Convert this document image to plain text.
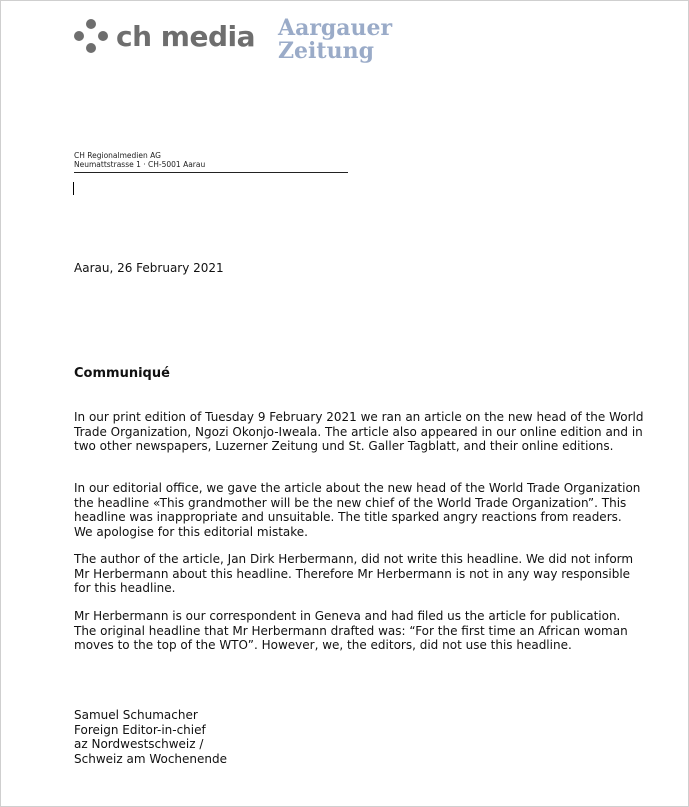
ch media Aargauer
Zeitung
CH Regionalmedien AG
Neumattstrasse 1 · CH-5001 Aarau
Aarau, 26 February 2021
Communiqué
In our print edition of Tuesday 9 February 2021 we ran an article on the new head of the World Trade Organization, Ngozi Okonjo-Iweala. The article also appeared in our online edition and in two other newspapers, Luzerner Zeitung und St. Galler Tagblatt, and their online editions.
In our editorial office, we gave the article about the new head of the World Trade Organization the headline «This grandmother will be the new chief of the World Trade Organization”. This headline was inappropriate and unsuitable. The title sparked angry reactions from readers. We apologise for this editorial mistake.
The author of the article, Jan Dirk Herbermann, did not write this headline. We did not inform Mr Herbermann about this headline. Therefore Mr Herbermann is not in any way responsible for this headline.
Mr Herbermann is our correspondent in Geneva and had filed us the article for publication. The original headline that Mr Herbermann drafted was: “For the first time an African woman moves to the top of the WTO”. However, we, the editors, did not use this headline.
Samuel Schumacher
Foreign Editor-in-chief
az Nordwestschweiz /
Schweiz am Wochenende
